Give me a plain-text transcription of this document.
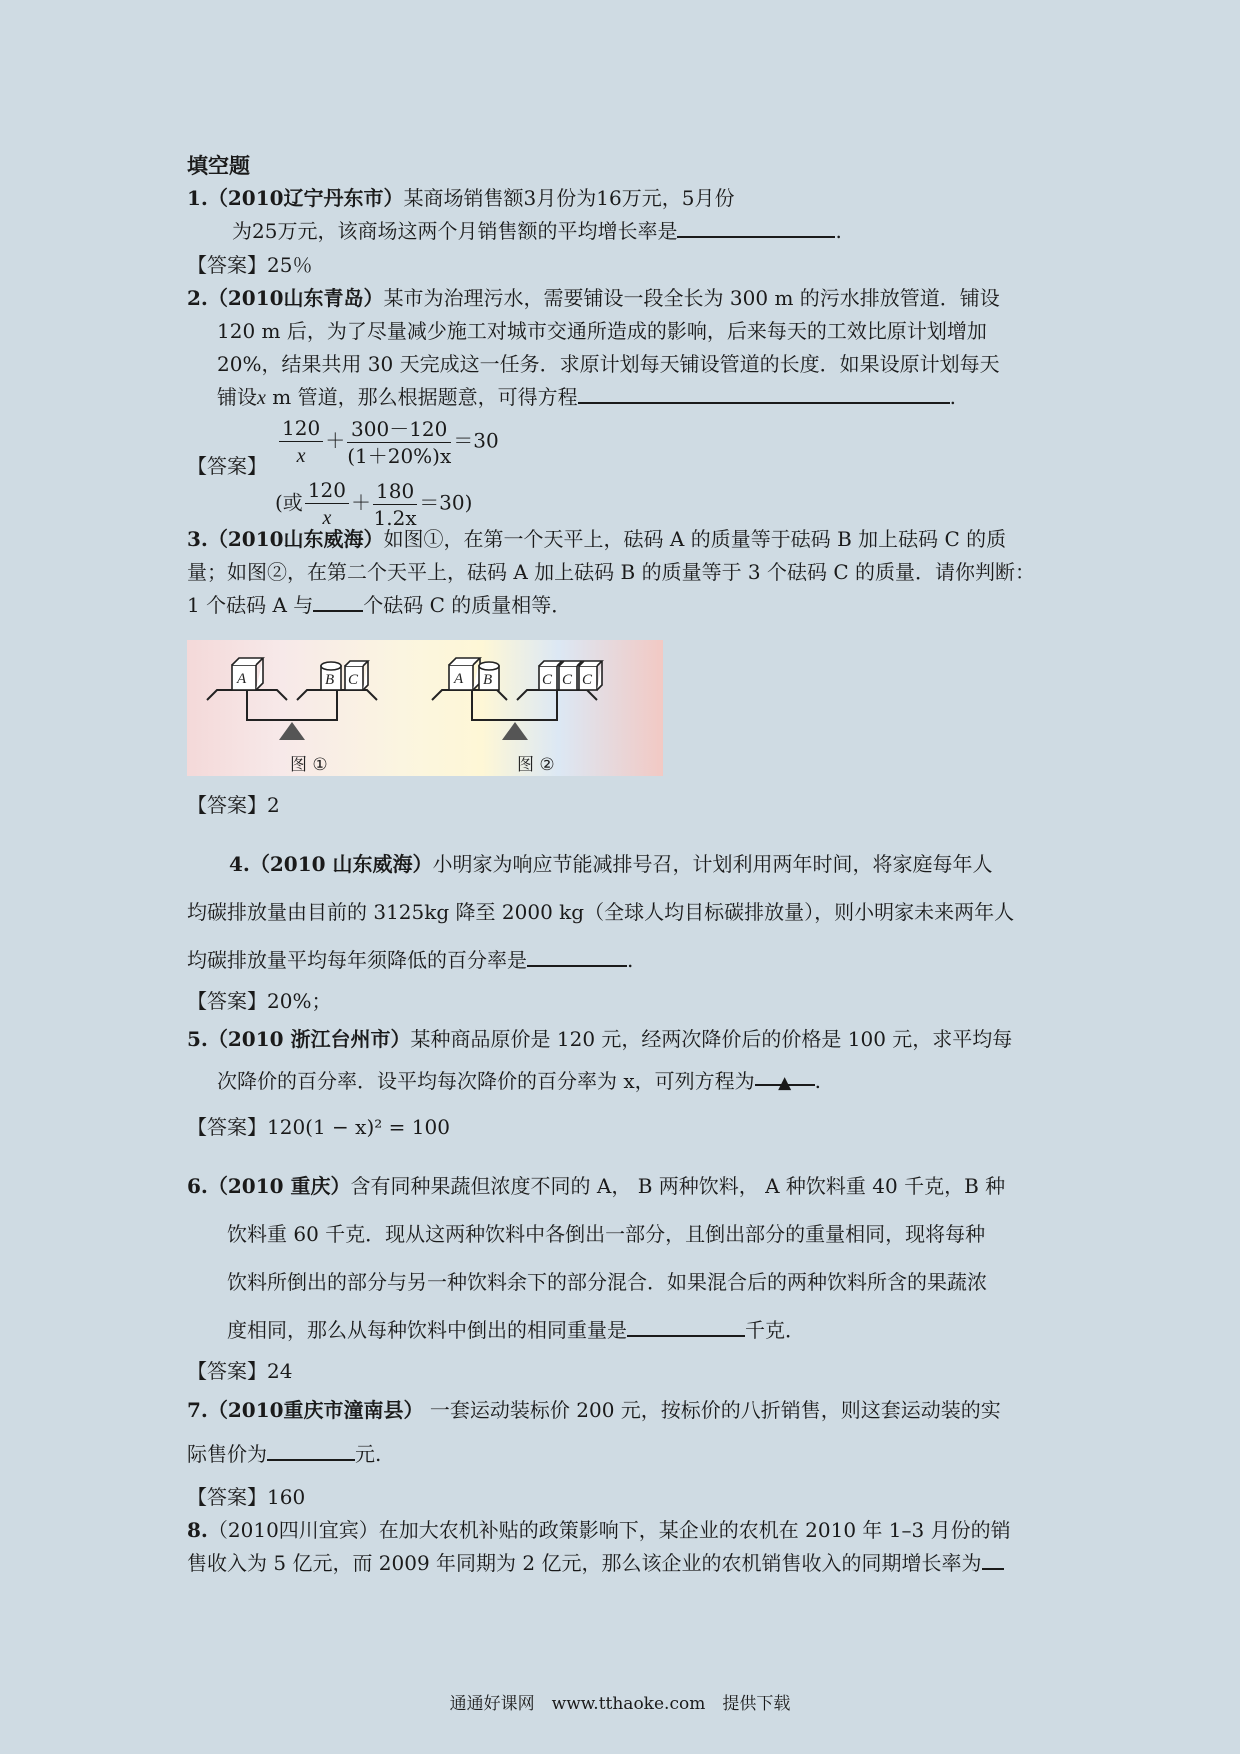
填空题
1.（2010辽宁丹东市）某商场销售额3月份为16万元，5月份
为25万元，该商场这两个月销售额的平均增长率是	.
【答案】25％
2.（2010山东青岛）某市为治理污水，需要铺设一段全长为 300 m 的污水排放管道．铺设
120 m 后，为了尽量减少施工对城市交通所造成的影响，后来每天的工效比原计划增加
20%，结果共用 30 天完成这一任务．求原计划每天铺设管道的长度．如果设原计划每天
铺设x m 管道，那么根据题意，可得方程	.
【答案】 $\frac{120}{x} + \frac{300-120}{(1+20\%)x} =30$
(或 $\frac{120}{x} + \frac{180}{1.2x} =30$)
3.（2010山东威海）如图①，在第一个天平上，砝码 A 的质量等于砝码 B 加上砝码 C 的质
量；如图②，在第二个天平上，砝码 A 加上砝码 B 的质量等于 3 个砝码 C 的质量．请你判断：
1 个砝码 A 与	个砝码 C 的质量相等．
A	B C	A B	C C C
图 ①	图 ②
【答案】2
4.（2010 山东威海）小明家为响应节能减排号召，计划利用两年时间，将家庭每年人
均碳排放量由目前的 3125kg 降至 2000 kg（全球人均目标碳排放量），则小明家未来两年人
均碳排放量平均每年须降低的百分率是	.
【答案】20%；
5.（2010 浙江台州市）某种商品原价是 120 元，经两次降价后的价格是 100 元，求平均每
次降价的百分率．设平均每次降价的百分率为 x，可列方程为 ▲ .
【答案】120(1 − x)² = 100
6.（2010 重庆）含有同种果蔬但浓度不同的 A， B 两种饮料， A 种饮料重 40 千克，B 种
饮料重 60 千克．现从这两种饮料中各倒出一部分，且倒出部分的重量相同，现将每种
饮料所倒出的部分与另一种饮料余下的部分混合．如果混合后的两种饮料所含的果蔬浓
度相同，那么从每种饮料中倒出的相同重量是	千克．
【答案】24
7.（2010重庆市潼南县） 一套运动装标价 200 元，按标价的八折销售，则这套运动装的实
际售价为	元.
【答案】160
8.（2010四川宜宾）在加大农机补贴的政策影响下，某企业的农机在 2010 年 1–3 月份的销
售收入为 5 亿元，而 2009 年同期为 2 亿元，那么该企业的农机销售收入的同期增长率为
通通好课网　www.tthaoke.com　提供下载
